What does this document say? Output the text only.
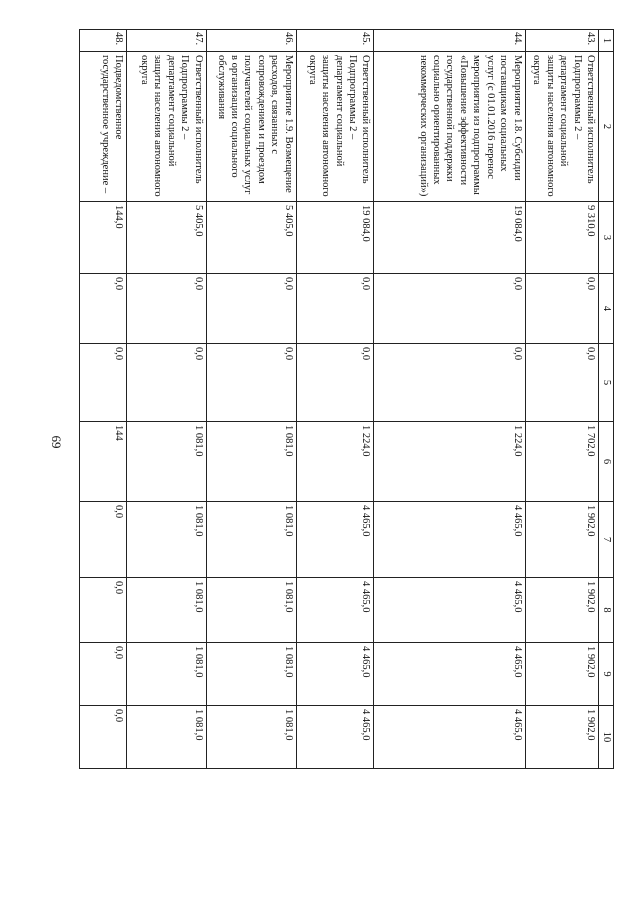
69
1	2	3	4	5	6	7	8	9	10
43.	Ответственный исполнитель Подпрограммы 2 – департамент социальной защиты населения автономного округа	9 310,0	0,0	0,0	1 702,0	1 902,0	1 902,0	1 902,0	1 902,0
44.	Мероприятие 1.8. Субсидии поставщикам социальных услуг (с 01.01.2016 перенос мероприятия из подпрограммы «Повышение эффективности государственной поддержки социально ориентированных некоммерческих организаций»)	19 084,0	0,0	0,0	1 224,0	4 465,0	4 465,0	4 465,0	4 465,0
45.	Ответственный исполнитель Подпрограммы 2 – департамент социальной защиты населения автономного округа	19 084,0	0,0	0,0	1 224,0	4 465,0	4 465,0	4 465,0	4 465,0
46.	Мероприятие 1.9. Возмещение расходов, связанных с сопровождением и проездом получателей социальных услуг в организации социального обслуживания	5 405,0	0,0	0,0	1 081,0	1 081,0	1 081,0	1 081,0	1 081,0
47.	Ответственный исполнитель Подпрограммы 2 – департамент социальной защиты населения автономного округа	5 405,0	0,0	0,0	1 081,0	1 081,0	1 081,0	1 081,0	1 081,0
48.	Подведомственное государственное учреждение –	144,0	0,0	0,0	144	0,0	0,0	0,0	0,0
